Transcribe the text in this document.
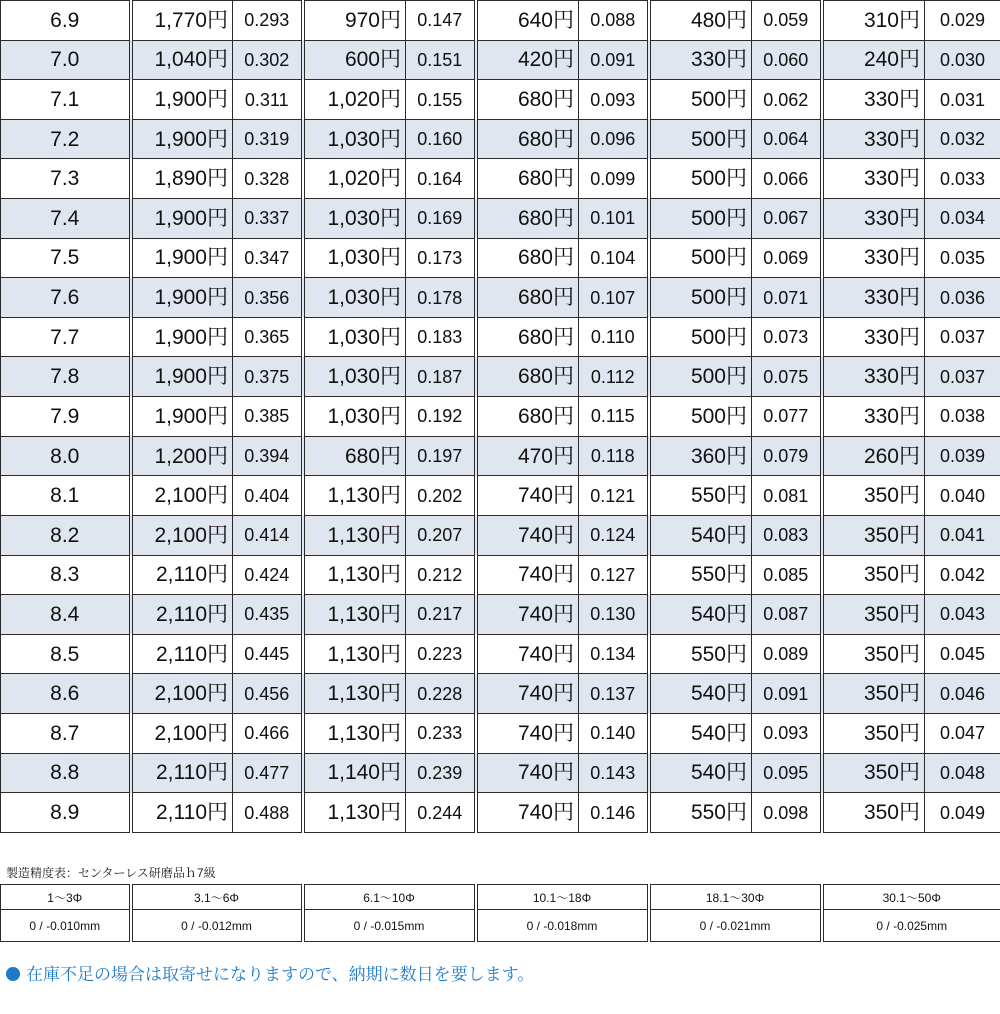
6.9	1,770円	0.293	970円	0.147	640円	0.088	480円	0.059	310円	0.029
7.0	1,040円	0.302	600円	0.151	420円	0.091	330円	0.060	240円	0.030
7.1	1,900円	0.311	1,020円	0.155	680円	0.093	500円	0.062	330円	0.031
7.2	1,900円	0.319	1,030円	0.160	680円	0.096	500円	0.064	330円	0.032
7.3	1,890円	0.328	1,020円	0.164	680円	0.099	500円	0.066	330円	0.033
7.4	1,900円	0.337	1,030円	0.169	680円	0.101	500円	0.067	330円	0.034
7.5	1,900円	0.347	1,030円	0.173	680円	0.104	500円	0.069	330円	0.035
7.6	1,900円	0.356	1,030円	0.178	680円	0.107	500円	0.071	330円	0.036
7.7	1,900円	0.365	1,030円	0.183	680円	0.110	500円	0.073	330円	0.037
7.8	1,900円	0.375	1,030円	0.187	680円	0.112	500円	0.075	330円	0.037
7.9	1,900円	0.385	1,030円	0.192	680円	0.115	500円	0.077	330円	0.038
8.0	1,200円	0.394	680円	0.197	470円	0.118	360円	0.079	260円	0.039
8.1	2,100円	0.404	1,130円	0.202	740円	0.121	550円	0.081	350円	0.040
8.2	2,100円	0.414	1,130円	0.207	740円	0.124	540円	0.083	350円	0.041
8.3	2,110円	0.424	1,130円	0.212	740円	0.127	550円	0.085	350円	0.042
8.4	2,110円	0.435	1,130円	0.217	740円	0.130	540円	0.087	350円	0.043
8.5	2,110円	0.445	1,130円	0.223	740円	0.134	550円	0.089	350円	0.045
8.6	2,100円	0.456	1,130円	0.228	740円	0.137	540円	0.091	350円	0.046
8.7	2,100円	0.466	1,130円	0.233	740円	0.140	540円	0.093	350円	0.047
8.8	2,110円	0.477	1,140円	0.239	740円	0.143	540円	0.095	350円	0.048
8.9	2,110円	0.488	1,130円	0.244	740円	0.146	550円	0.098	350円	0.049
製造精度表：センターレス研磨品ｈ7級
1～3Φ	3.1～6Φ	6.1～10Φ	10.1～18Φ	18.1～30Φ	30.1～50Φ
0 / -0.010mm	0 / -0.012mm	0 / -0.015mm	0 / -0.018mm	0 / -0.021mm	0 / -0.025mm
在庫不足の場合は取寄せになりますので、納期に数日を要します。
